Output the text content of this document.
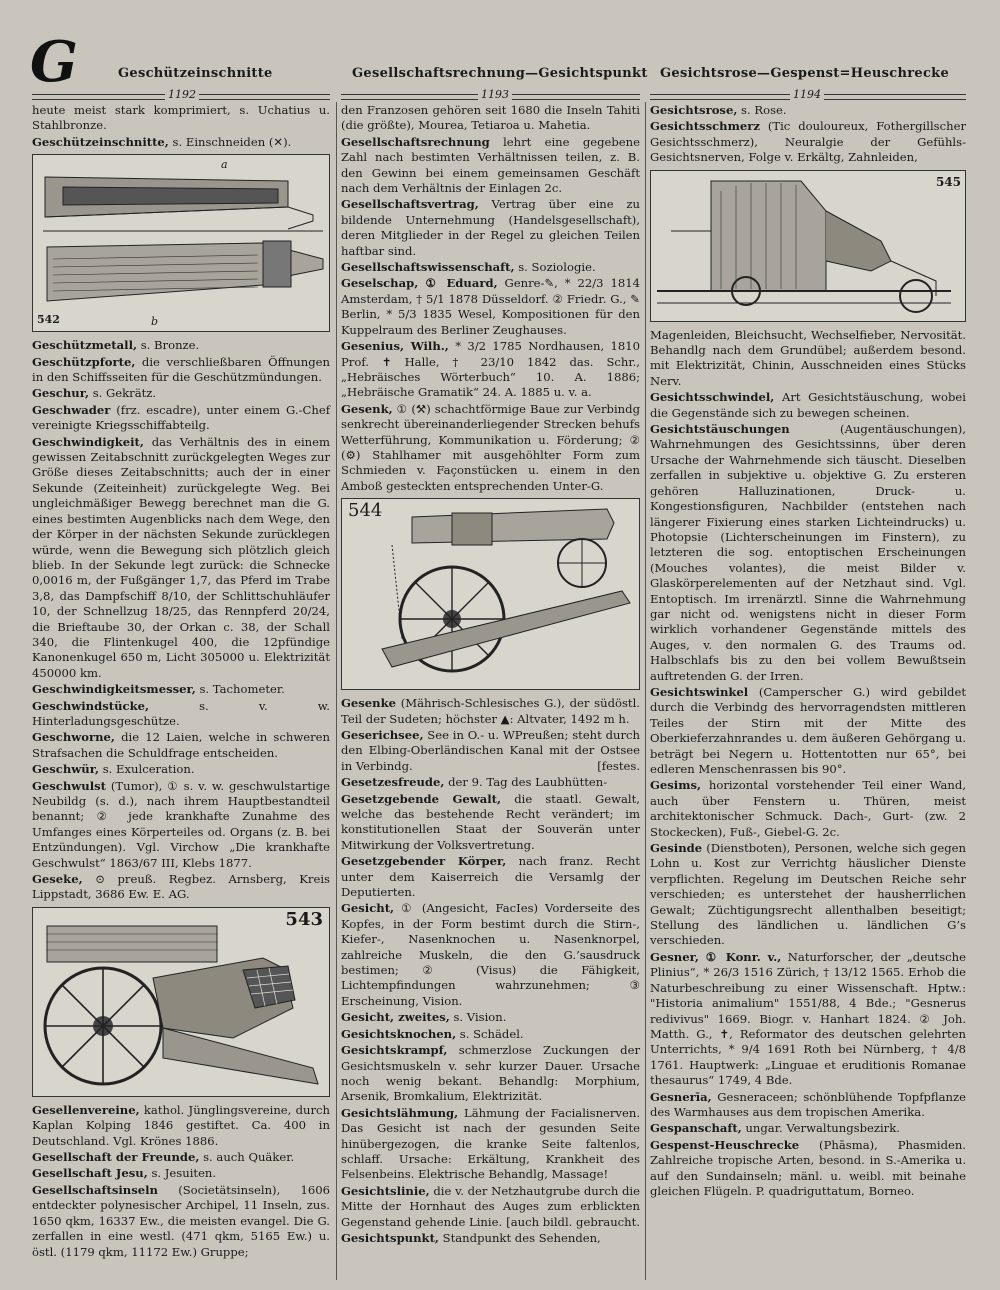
G	Geschützeinschnitte	Gesellschaftsrechnung—Gesichtspunkt Gesichtsrose—Gespenst=Heuschrecke
1192	1193	1194

heute meist stark komprimiert, s. Uchatius u. Stahlbronze.

Geschützeinschnitte, s. Einschneiden (✕).

542
a
b

Geschützmetall, s. Bronze.

Geschützpforte, die verschließbaren Öffnungen in den Schiffsseiten für die Geschützmündungen.

Geschur, s. Gekrätz.

Geschwader (frz. escadre), unter einem G.-Chef vereinigte Kriegsschiffabteilg.

Geschwindigkeit, das Verhältnis des in einem gewissen Zeitabschnitt zurückgelegten Weges zur Größe dieses Zeitabschnitts; auch der in einer Sekunde (Zeiteinheit) zurückgelegte Weg. Bei ungleichmäßiger Bewegg berechnet man die G. eines bestimten Augenblicks nach dem Wege, den der Körper in der nächsten Sekunde zurücklegen würde, wenn die Bewegung sich plötzlich gleich blieb. In der Sekunde legt zurück: die Schnecke 0,0016 m, der Fußgänger 1,7, das Pferd im Trabe 3,8, das Dampfschiff 8/10, der Schlittschuhläufer 10, der Schnellzug 18/25, das Rennpferd 20/24, die Brieftaube 30, der Orkan c. 38, der Schall 340, die Flintenkugel 400, die 12pfündige Kanonenkugel 650 m, Licht 305000 u. Elektrizität 450000 km.

Geschwindigkeitsmesser, s. Tachometer.

Geschwindstücke, s. v. w. Hinterladungsgeschütze.

Geschworne, die 12 Laien, welche in schweren Strafsachen die Schuldfrage entscheiden.

Geschwür, s. Exulceration.

Geschwulst (Tumor), ① s. v. w. geschwulstartige Neubildg (s. d.), nach ihrem Hauptbestandteil benannt; ② jede krankhafte Zunahme des Umfanges eines Körperteiles od. Organs (z. B. bei Entzündungen). Vgl. Virchow „Die krankhafte Geschwulst“ 1863/67 III, Klebs 1877.

Geseke, ⊙ preuß. Regbez. Arnsberg, Kreis Lippstadt, 3686 Ew. E. AG.

543

Gesellenvereine, kathol. Jünglingsvereine, durch Kaplan Kolping 1846 gestiftet. Ca. 400 in Deutschland. Vgl. Krönes 1886.

Gesellschaft der Freunde, s. auch Quäker.

Gesellschaft Jesu, s. Jesuiten.

Gesellschaftsinseln (Societätsinseln), 1606 entdeckter polynesischer Archipel, 11 Inseln, zus. 1650 qkm, 16337 Ew., die meisten evangel. Die G. zerfallen in eine westl. (471 qkm, 5165 Ew.) u. östl. (1179 qkm, 11172 Ew.) Gruppe;

den Franzosen gehören seit 1680 die Inseln Tahiti (die größte), Mourea, Tetiaroa u. Mahetia.

Gesellschaftsrechnung lehrt eine gegebene Zahl nach bestimten Verhältnissen teilen, z. B. den Gewinn bei einem gemeinsamen Geschäft nach dem Verhältnis der Einlagen 2c.

Gesellschaftsvertrag, Vertrag über eine zu bildende Unternehmung (Handelsgesellschaft), deren Mitglieder in der Regel zu gleichen Teilen haftbar sind.

Gesellschaftswissenschaft, s. Soziologie.

Geselschap, ① Eduard, Genre-✎, * 22/3 1814 Amsterdam, † 5/1 1878 Düsseldorf. ② Friedr. G., ✎ Berlin, * 5/3 1835 Wesel, Kompositionen für den Kuppelraum des Berliner Zeughauses.

Gesenius, Wilh., * 3/2 1785 Nordhausen, 1810 Prof. ✝ Halle, † 23/10 1842 das. Schr., „Hebräisches Wörterbuch“ 10. A. 1886; „Hebräische Gramatik“ 24. A. 1885 u. v. a.

Gesenk, ① (⚒) schachtförmige Baue zur Verbindg senkrecht übereinanderliegender Strecken behufs Wetterführung, Kommunikation u. Förderung; ② (⚙) Stahlhamer mit ausgehöhlter Form zum Schmieden v. Façonstücken u. einem in den Amboß gesteckten entsprechenden Unter-G.

544

Gesenke (Mährisch-Schlesisches G.), der südöstl. Teil der Sudeten; höchster ▲: Altvater, 1492 m h.

Geserichsee, See in O.- u. WPreußen; steht durch den Elbing-Oberländischen Kanal mit der Ostsee in Verbindg.	[festes.

Gesetzesfreude, der 9. Tag des Laubhütten-

Gesetzgebende Gewalt, die staatl. Gewalt, welche das bestehende Recht verändert; im konstitutionellen Staat der Souverän unter Mitwirkung der Volksvertretung.

Gesetzgebender Körper, nach franz. Recht unter dem Kaiserreich die Versamlg der Deputierten.

Gesicht, ① (Angesicht, FacIes) Vorderseite des Kopfes, in der Form bestimt durch die Stirn-, Kiefer-, Nasenknochen u. Nasenknorpel, zahlreiche Muskeln, die den G.’sausdruck bestimen; ② (Visus) die Fähigkeit, Lichtempfindungen wahrzunehmen; ③ Erscheinung, Vision.

Gesicht, zweites, s. Vision.

Gesichtsknochen, s. Schädel.

Gesichtskrampf, schmerzlose Zuckungen der Gesichtsmuskeln v. sehr kurzer Dauer. Ursache noch wenig bekant. Behandlg: Morphium, Arsenik, Bromkalium, Elektrizität.

Gesichtslähmung, Lähmung der Facialisnerven. Das Gesicht ist nach der gesunden Seite hinübergezogen, die kranke Seite faltenlos, schlaff. Ursache: Erkältung, Krankheit des Felsenbeins. Elektrische Behandlg, Massage!

Gesichtslinie, die v. der Netzhautgrube durch die Mitte der Hornhaut des Auges zum erblickten Gegenstand gehende Linie. [auch bildl. gebraucht.

Gesichtspunkt, Standpunkt des Sehenden,

Gesichtsrose, s. Rose.

Gesichtsschmerz (Tic douloureux, Fothergillscher Gesichtsschmerz), Neuralgie der Gefühls-Gesichtsnerven, Folge v. Erkältg, Zahnleiden,

545

Magenleiden, Bleichsucht, Wechselfieber, Nervosität. Behandlg nach dem Grundübel; außerdem besond. mit Elektrizität, Chinin, Ausschneiden eines Stücks Nerv.

Gesichtsschwindel, Art Gesichtstäuschung, wobei die Gegenstände sich zu bewegen scheinen.

Gesichtstäuschungen (Augentäuschungen), Wahrnehmungen des Gesichtssinns, über deren Ursache der Wahrnehmende sich täuscht. Dieselben zerfallen in subjektive u. objektive G. Zu ersteren gehören Halluzinationen, Druck- u. Kongestionsfiguren, Nachbilder (entstehen nach längerer Fixierung eines starken Lichteindrucks) u. Photopsie (Lichterscheinungen im Finstern), zu letzteren die sog. entoptischen Erscheinungen (Mouches volantes), die meist Bilder v. Glaskörperelementen auf der Netzhaut sind. Vgl. Entoptisch. Im irrenärztl. Sinne die Wahrnehmung gar nicht od. wenigstens nicht in dieser Form wirklich vorhandener Gegenstände mittels des Auges, v. den normalen G. des Traums od. Halbschlafs bis zu den bei vollem Bewußtsein auftretenden G. der Irren.

Gesichtswinkel (Camperscher G.) wird gebildet durch die Verbindg des hervorragendsten mittleren Teiles der Stirn mit der Mitte des Oberkieferzahnrandes u. dem äußeren Gehörgang u. beträgt bei Negern u. Hottentotten nur 65°, bei edleren Menschenrassen bis 90°.

Gesims, horizontal vorstehender Teil einer Wand, auch über Fenstern u. Thüren, meist architektonischer Schmuck. Dach-, Gurt- (zw. 2 Stockecken), Fuß-, Giebel-G. 2c.

Gesinde (Dienstboten), Personen, welche sich gegen Lohn u. Kost zur Verrichtg häuslicher Dienste verpflichten. Regelung im Deutschen Reiche sehr verschieden; es unterstehet der hausherrlichen Gewalt; Züchtigungsrecht allenthalben beseitigt; Stellung des ländlichen u. ländlichen G’s verschieden.

Gesner, ① Konr. v., Naturforscher, der „deutsche Plinius“, * 26/3 1516 Zürich, † 13/12 1565. Erhob die Naturbeschreibung zu einer Wissenschaft. Hptw.: "Historia animalium" 1551/88, 4 Bde.; "Gesnerus redivivus" 1669. Biogr. v. Hanhart 1824. ② Joh. Matth. G., ✝, Reformator des deutschen gelehrten Unterrichts, * 9/4 1691 Roth bei Nürnberg, † 4/8 1761. Hauptwerk: „Linguae et eruditionis Romanae thesaurus“ 1749, 4 Bde.

Gesnerīa, Gesneraceen; schönblühende Topfpflanze des Warmhauses aus dem tropischen Amerika.

Gespanschaft, ungar. Verwaltungsbezirk.

Gespenst-Heuschrecke (Phāsma), Phasmiden. Zahlreiche tropische Arten, besond. in S.-Amerika u. auf den Sundainseln; mänl. u. weibl. mit beinahe gleichen Flügeln. P. quadriguttatum, Borneo.
